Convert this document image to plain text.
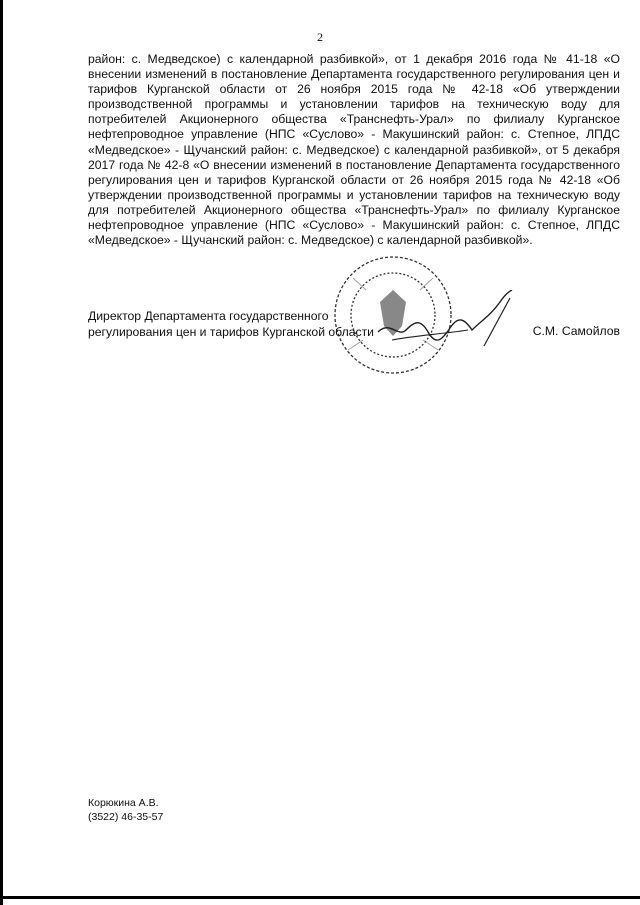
2
район: с. Медведское) с календарной разбивкой», от 1 декабря 2016 года № 41-18 «О внесении изменений в постановление Департамента государственного регулирования цен и тарифов Курганской области от 26 ноября 2015 года № 42-18 «Об утверждении производственной программы и установлении тарифов на техническую воду для потребителей Акционерного общества «Транснефть-Урал» по филиалу Курганское нефтепроводное управление (НПС «Суслово» - Макушинский район: с. Степное, ЛПДС «Медведское» - Щучанский район: с. Медведское) с календарной разбивкой», от 5 декабря 2017 года № 42-8 «О внесении изменений в постановление Департамента государственного регулирования цен и тарифов Курганской области от 26 ноября 2015 года № 42-18 «Об утверждении производственной программы и установлении тарифов на техническую воду для потребителей Акционерного общества «Транснефть-Урал» по филиалу Курганское нефтепроводное управление (НПС «Суслово» - Макушинский район: с. Степное, ЛПДС «Медведское» - Щучанский район: с. Медведское) с календарной разбивкой».
Директор Департамента государственного
регулирования цен и тарифов Курганской области	С.М. Самойлов
Корюкина А.В.
(3522) 46-35-57
